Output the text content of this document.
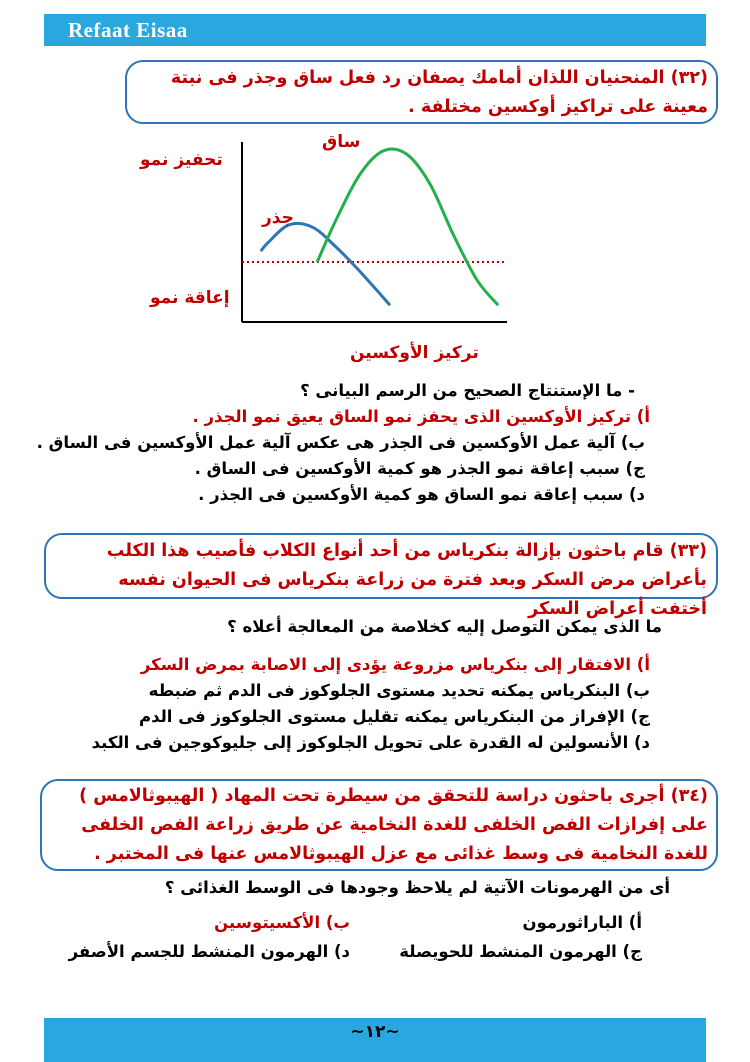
Refaat Eisaa
(٣٢) المنحنيان اللذان أمامك يصفان رد فعل ساق وجذر فى نبتة معينة على تراكيز أوكسين مختلفة .
تحفيز نمو
إعاقة نمو
ساق
جذر
تركيز الأوكسين
- ما الإستنتاج الصحيح من الرسم البيانى ؟
أ) تركيز الأوكسين الذى يحفز نمو الساق يعيق نمو الجذر .
ب) آلية عمل الأوكسين فى الجذر هى عكس آلية عمل الأوكسين فى الساق .
ج) سبب إعاقة نمو الجذر هو كمية الأوكسين فى الساق .
د) سبب إعاقة نمو الساق هو كمية الأوكسين فى الجذر .
(٣٣) قام باحثون بإزالة بنكرياس من أحد أنواع الكلاب فأصيب هذا الكلب بأعراض مرض السكر وبعد فترة من زراعة بنكرياس فى الحيوان نفسه أختفت أعراض السكر
ما الذى يمكن التوصل إليه كخلاصة من المعالجة أعلاه ؟
أ) الافتقار إلى بنكرياس مزروعة يؤدى إلى الاصابة بمرض السكر
ب) البنكرياس يمكنه تحديد مستوى الجلوكوز فى الدم ثم ضبطه
ج) الإفراز من البنكرياس يمكنه تقليل مستوى الجلوكوز فى الدم
د) الأنسولين له القدرة على تحويل الجلوكوز إلى جليوكوجين فى الكبد
(٣٤) أجرى باحثون دراسة للتحقق من سيطرة تحت المهاد ( الهيبوثالامس ) على إفرازات الفص الخلفى للغدة النخامية عن طريق زراعة الفص الخلفى للغدة النخامية فى وسط غذائى مع عزل الهيبوثالامس عنها فى المختبر .
أى من الهرمونات الآتية لم يلاحظ وجودها فى الوسط الغذائى ؟
أ) الباراثورمون
ب) الأكسيتوسين
ج) الهرمون المنشط للحويصلة
د) الهرمون المنشط للجسم الأصفر
~١٢~
